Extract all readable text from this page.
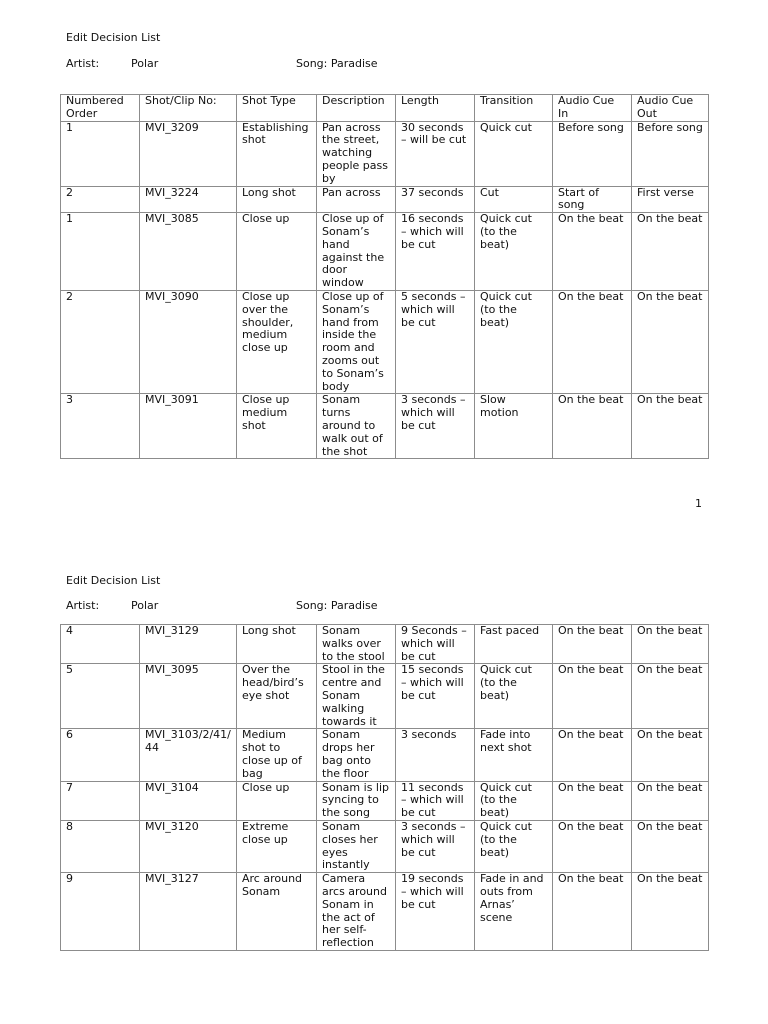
Edit Decision List
Artist:	Polar	Song: Paradise
Numbered Order	Shot/Clip No:	Shot Type	Description	Length	Transition	Audio Cue In	Audio Cue Out
1	MVI_3209	Establishing shot	Pan across the street, watching people pass by	30 seconds – will be cut	Quick cut	Before song	Before song
2	MVI_3224	Long shot	Pan across	37 seconds	Cut	Start of song	First verse
1	MVI_3085	Close up	Close up of Sonam’s hand against the door window	16 seconds – which will be cut	Quick cut (to the beat)	On the beat	On the beat
2	MVI_3090	Close up over the shoulder, medium close up	Close up of Sonam’s hand from inside the room and zooms out to Sonam’s body	5 seconds – which will be cut	Quick cut (to the beat)	On the beat	On the beat
3	MVI_3091	Close up medium shot	Sonam turns around to walk out of the shot	3 seconds – which will be cut	Slow motion	On the beat	On the beat
1
Edit Decision List
Artist:	Polar	Song: Paradise
4	MVI_3129	Long shot	Sonam walks over to the stool	9 Seconds – which will be cut	Fast paced	On the beat	On the beat
5	MVI_3095	Over the head/bird’s eye shot	Stool in the centre and Sonam walking towards it	15 seconds – which will be cut	Quick cut (to the beat)	On the beat	On the beat
6	MVI_3103/2/41/44	Medium shot to close up of bag	Sonam drops her bag onto the floor	3 seconds	Fade into next shot	On the beat	On the beat
7	MVI_3104	Close up	Sonam is lip syncing to the song	11 seconds – which will be cut	Quick cut (to the beat)	On the beat	On the beat
8	MVI_3120	Extreme close up	Sonam closes her eyes instantly	3 seconds – which will be cut	Quick cut (to the beat)	On the beat	On the beat
9	MVI_3127	Arc around Sonam	Camera arcs around Sonam in the act of her self-reflection	19 seconds – which will be cut	Fade in and outs from Arnas’ scene	On the beat	On the beat
